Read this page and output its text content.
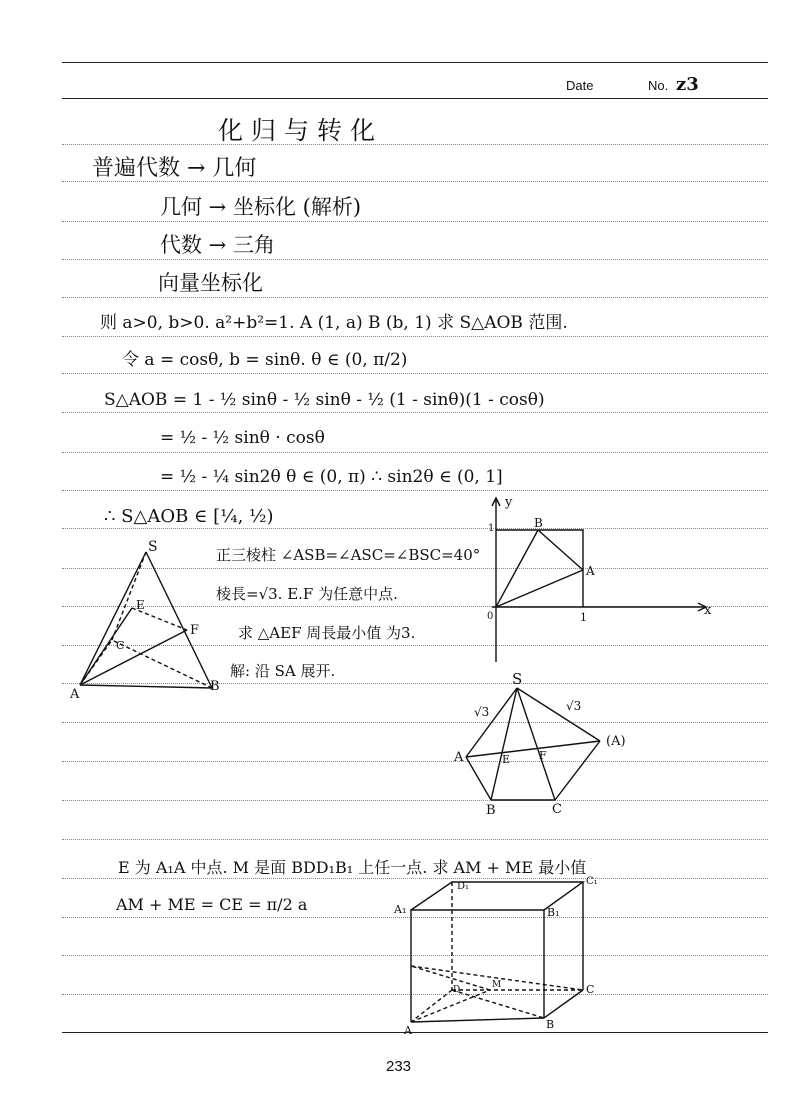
Date	No. z3
化归与转化
普遍代数 → 几何
几何 → 坐标化 (解析)
代数 → 三角
向量坐标化
则 a>0, b>0. a²+b²=1. A (1, a) B (b, 1) 求 S△AOB 范围.
令 a = cosθ, b = sinθ. θ ∈ (0, π/2)
S△AOB = 1 - ½ sinθ - ½ sinθ - ½ (1 - sinθ)(1 - cosθ)
= ½ - ½ sinθ · cosθ
= ½ - ¼ sin2θ θ ∈ (0, π) ∴ sin2θ ∈ (0, 1]
∴ S△AOB ∈ [¼, ½)
正三棱柱 ∠ASB=∠ASC=∠BSC=40°
棱長=√3. E.F 为任意中点.
求 △AEF 周長最小值 为3.
解: 沿 SA 展开.
S
E
F
C
A
B
y
x
0
1
1
B
A
S
√3	√3
A
(A)
E	F
B	C
E 为 A₁A 中点. M 是面 BDD₁B₁ 上任一点. 求 AM + ME 最小值
AM + ME = CE = π/2 a	A₁
D₁	C₁
B₁
D	M	C
A	B
233
